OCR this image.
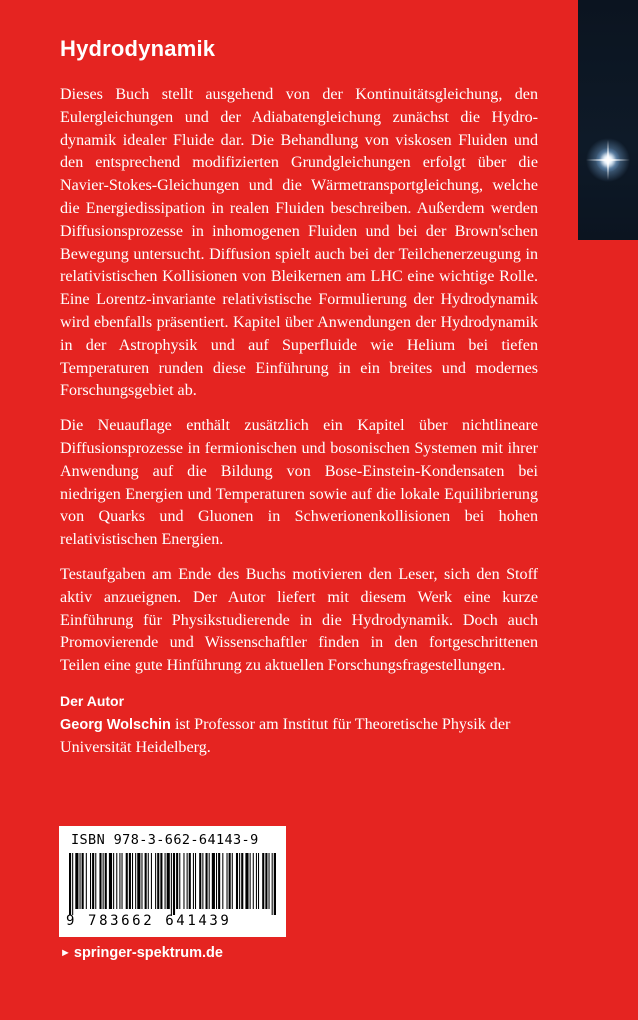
Hydrodynamik

Dieses Buch stellt ausgehend von der Kontinuitätsgleichung, den Eulergleichungen und der Adiabatengleichung zunächst die Hydrodynamik idealer Fluide dar. Die Behandlung von viskosen Fluiden und den entsprechend modifizierten Grundgleichungen erfolgt über die Navier-Stokes-Gleichungen und die Wärmetransportgleichung, welche die Energiedissipation in realen Fluiden beschreiben. Außerdem werden Diffusionsprozesse in inhomogenen Fluiden und bei der Brown'schen Bewegung untersucht. Diffusion spielt auch bei der Teilchenerzeugung in relativistischen Kollisionen von Bleikernen am LHC eine wichtige Rolle. Eine Lorentz-invariante relativistische Formulierung der Hydrodynamik wird ebenfalls präsentiert. Kapitel über Anwendungen der Hydrodynamik in der Astrophysik und auf Superfluide wie Helium bei tiefen Temperaturen runden diese Einführung in ein breites und modernes Forschungsgebiet ab.

Die Neuauflage enthält zusätzlich ein Kapitel über nichtlineare Diffusionsprozesse in fermionischen und bosonischen Systemen mit ihrer Anwendung auf die Bildung von Bose-Einstein-Kondensaten bei niedrigen Energien und Temperaturen sowie auf die lokale Equilibrierung von Quarks und Gluonen in Schwerionenkollisionen bei hohen relativistischen Energien.

Testaufgaben am Ende des Buchs motivieren den Leser, sich den Stoff aktiv anzueignen. Der Autor liefert mit diesem Werk eine kurze Einführung für Physikstudierende in die Hydrodynamik. Doch auch Promovierende und Wissenschaftler finden in den fortgeschrittenen Teilen eine gute Hinführung zu aktuellen Forschungsfragestellungen.

Der Autor
Georg Wolschin ist Professor am Institut für Theoretische Physik der Universität Heidelberg.
ISBN 978-3-662-64143-9
9 783662 641439
► springer-spektrum.de
